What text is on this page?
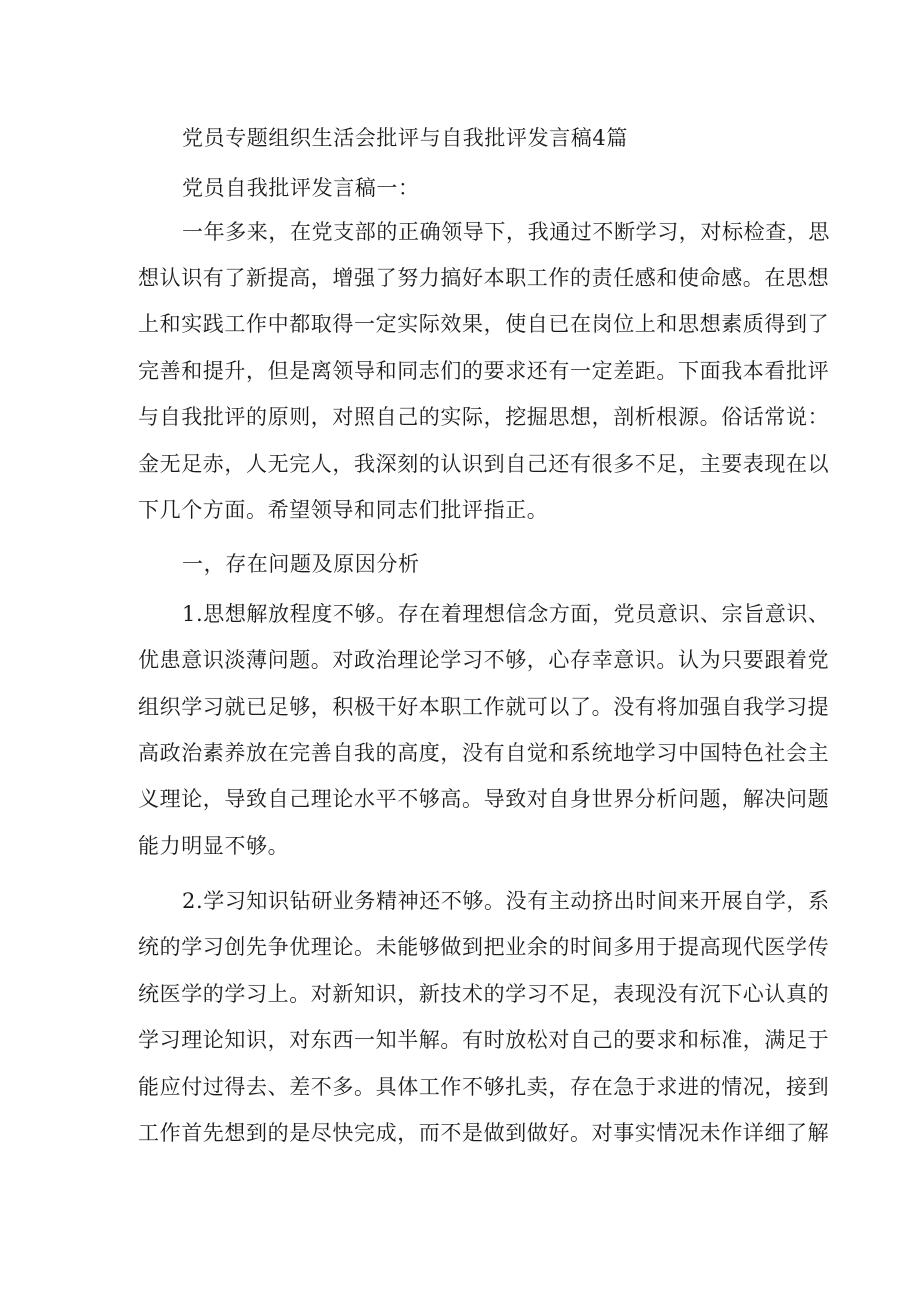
党员专题组织生活会批评与自我批评发言稿4篇
党员自我批评发言稿一：
一年多来，在党支部的正确领导下，我通过不断学习，对标检查，思
想认识有了新提高，增强了努力搞好本职工作的责任感和使命感。在思想
上和实践工作中都取得一定实际效果，使自已在岗位上和思想素质得到了
完善和提升，但是离领导和同志们的要求还有一定差距。下面我本看批评
与自我批评的原则，对照自己的实际，挖掘思想，剖析根源。俗话常说：
金无足赤，人无完人，我深刻的认识到自己还有很多不足，主要表现在以
下几个方面。希望领导和同志们批评指正。
一，存在问题及原因分析
1.思想解放程度不够。存在着理想信念方面，党员意识、宗旨意识、
优患意识淡薄问题。对政治理论学习不够，心存幸意识。认为只要跟着党
组织学习就已足够，积极干好本职工作就可以了。没有将加强自我学习提
高政治素养放在完善自我的高度，没有自觉和系统地学习中国特色社会主
义理论，导致自己理论水平不够高。导致对自身世界分析问题，解决问题
能力明显不够。
2.学习知识钻研业务精神还不够。没有主动挤出时间来开展自学，系
统的学习创先争优理论。未能够做到把业余的时间多用于提高现代医学传
统医学的学习上。对新知识，新技术的学习不足，表现没有沉下心认真的
学习理论知识，对东西一知半解。有时放松对自己的要求和标准，满足于
能应付过得去、差不多。具体工作不够扎卖，存在急于求进的情况，接到
工作首先想到的是尽快完成，而不是做到做好。对事实情况未作详细了解
